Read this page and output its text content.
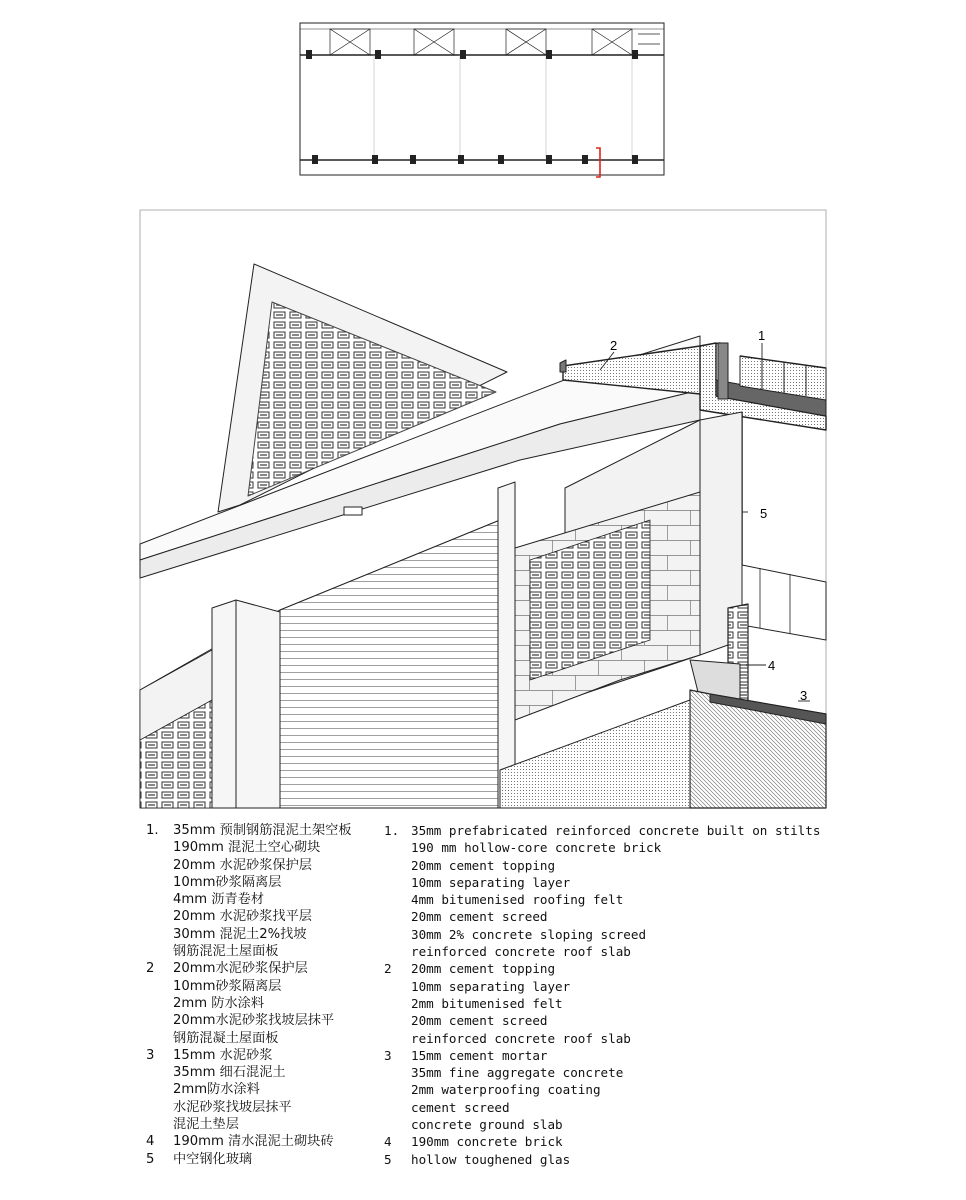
1
2
5
4
3
1.	35mm 预制钢筋混泥土架空板
190mm 混泥土空心砌块
20mm 水泥砂浆保护层
10mm砂浆隔离层
4mm 沥青卷材
20mm 水泥砂浆找平层
30mm 混泥土2%找坡
钢筋混泥土屋面板
2	20mm水泥砂浆保护层
10mm砂浆隔离层
2mm 防水涂料
20mm水泥砂浆找坡层抹平
钢筋混凝土屋面板
3	15mm 水泥砂浆
35mm 细石混泥土
2mm防水涂料
水泥砂浆找坡层抹平
混泥土垫层
4	190mm 清水混泥土砌块砖
5	中空钢化玻璃
1. 35mm prefabricated reinforced concrete built on stilts
190 mm hollow-core concrete brick
20mm cement topping
10mm separating layer
4mm bitumenised roofing felt
20mm cement screed
30mm 2% concrete sloping screed
reinforced concrete roof slab
2	20mm cement topping
10mm separating layer
2mm bitumenised felt
20mm cement screed
reinforced concrete roof slab
3	15mm cement mortar
35mm fine aggregate concrete
2mm waterproofing coating
cement screed
concrete ground slab
4	190mm concrete brick
5	hollow toughened glas
